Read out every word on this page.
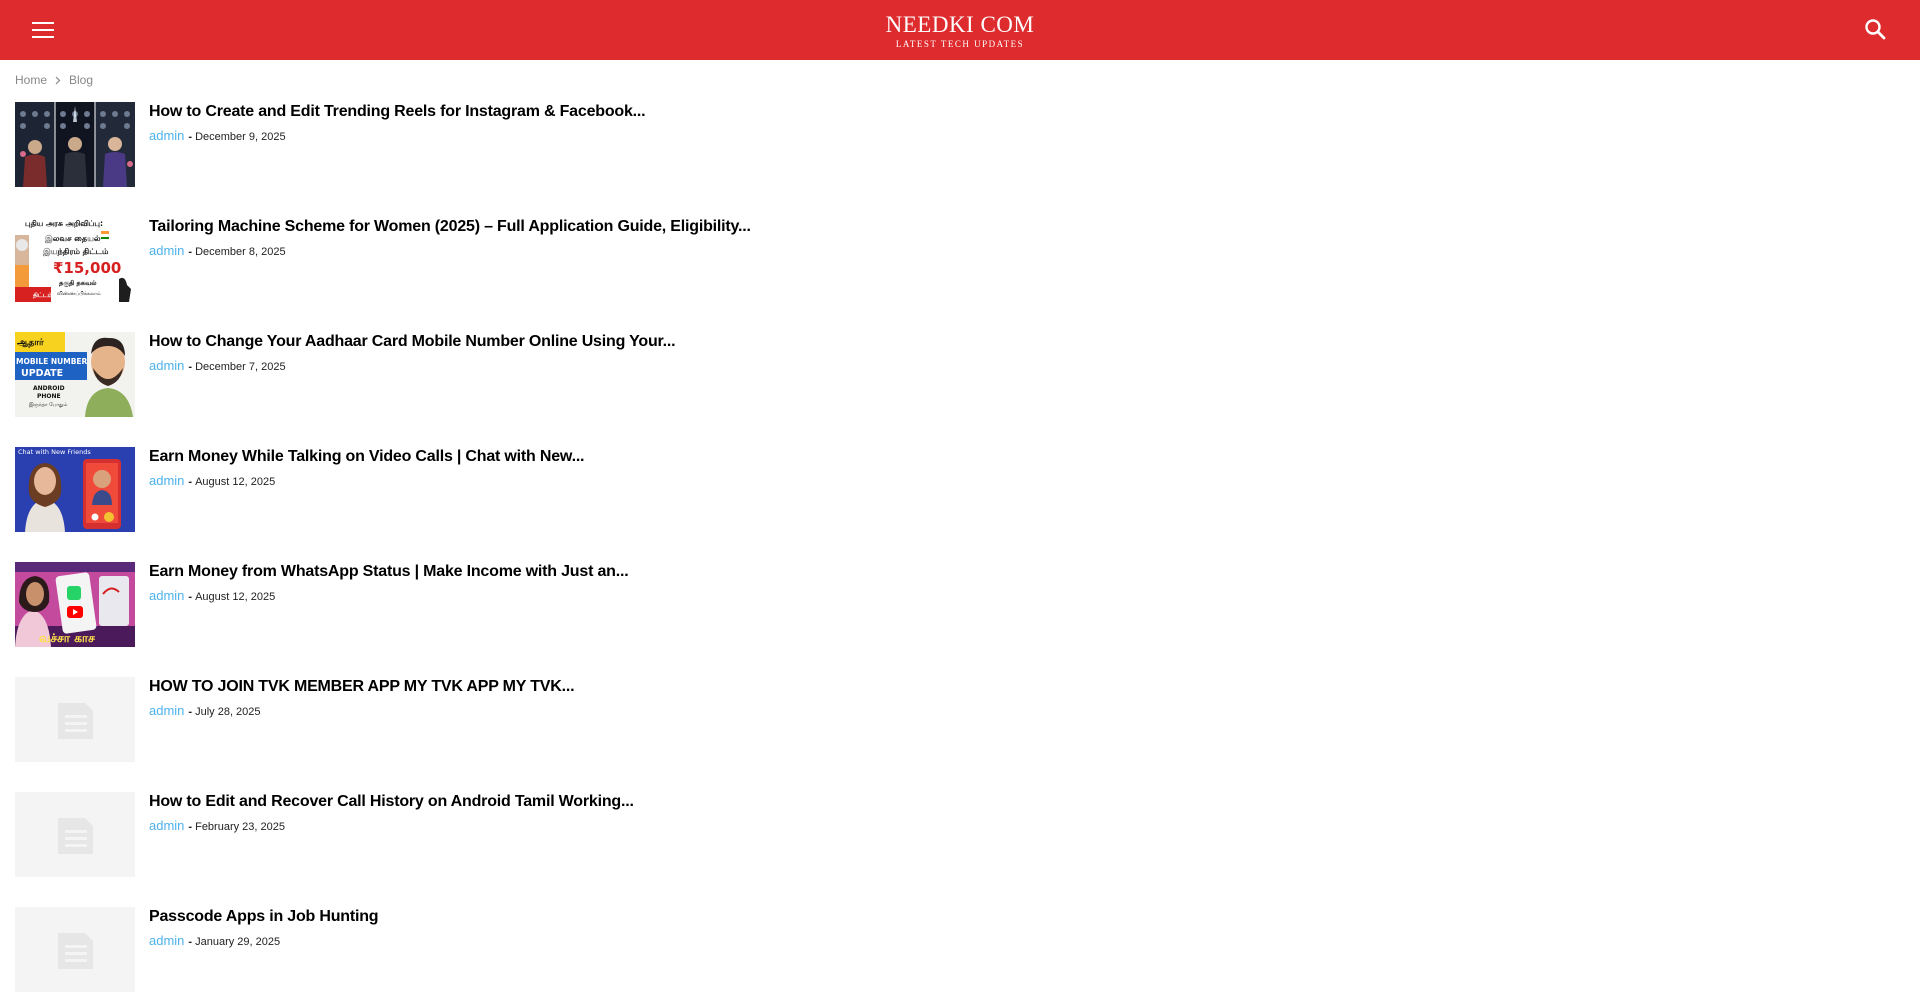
NEEDKI COM
LATEST TECH UPDATES
Home Blog
How to Create and Edit Trending Reels for Instagram & Facebook...
admin - December 9, 2025
திட்டம்
புதிய அரசு அறிவிப்பு:
இலவச தையல்
இயந்திரம் திட்டம்
₹15,000
தகுதி தகவல்
விண்ணப்பிக்கலாம்
Tailoring Machine Scheme for Women (2025) – Full Application Guide, Eligibility...
admin - December 8, 2025
ஆதார்
MOBILE NUMBER
UPDATE
ANDROID
PHONE
இருந்தா போதும்
How to Change Your Aadhaar Card Mobile Number Online Using Your...
admin - December 7, 2025
Chat with New Friends	Earn Money While Talking on Video Calls | Chat with New...
admin - August 12, 2025
வச்சா காச
Earn Money from WhatsApp Status | Make Income with Just an...
admin - August 12, 2025
HOW TO JOIN TVK MEMBER APP MY TVK APP MY TVK...
admin - July 28, 2025
How to Edit and Recover Call History on Android Tamil Working...
admin - February 23, 2025
Passcode Apps in Job Hunting
admin - January 29, 2025
